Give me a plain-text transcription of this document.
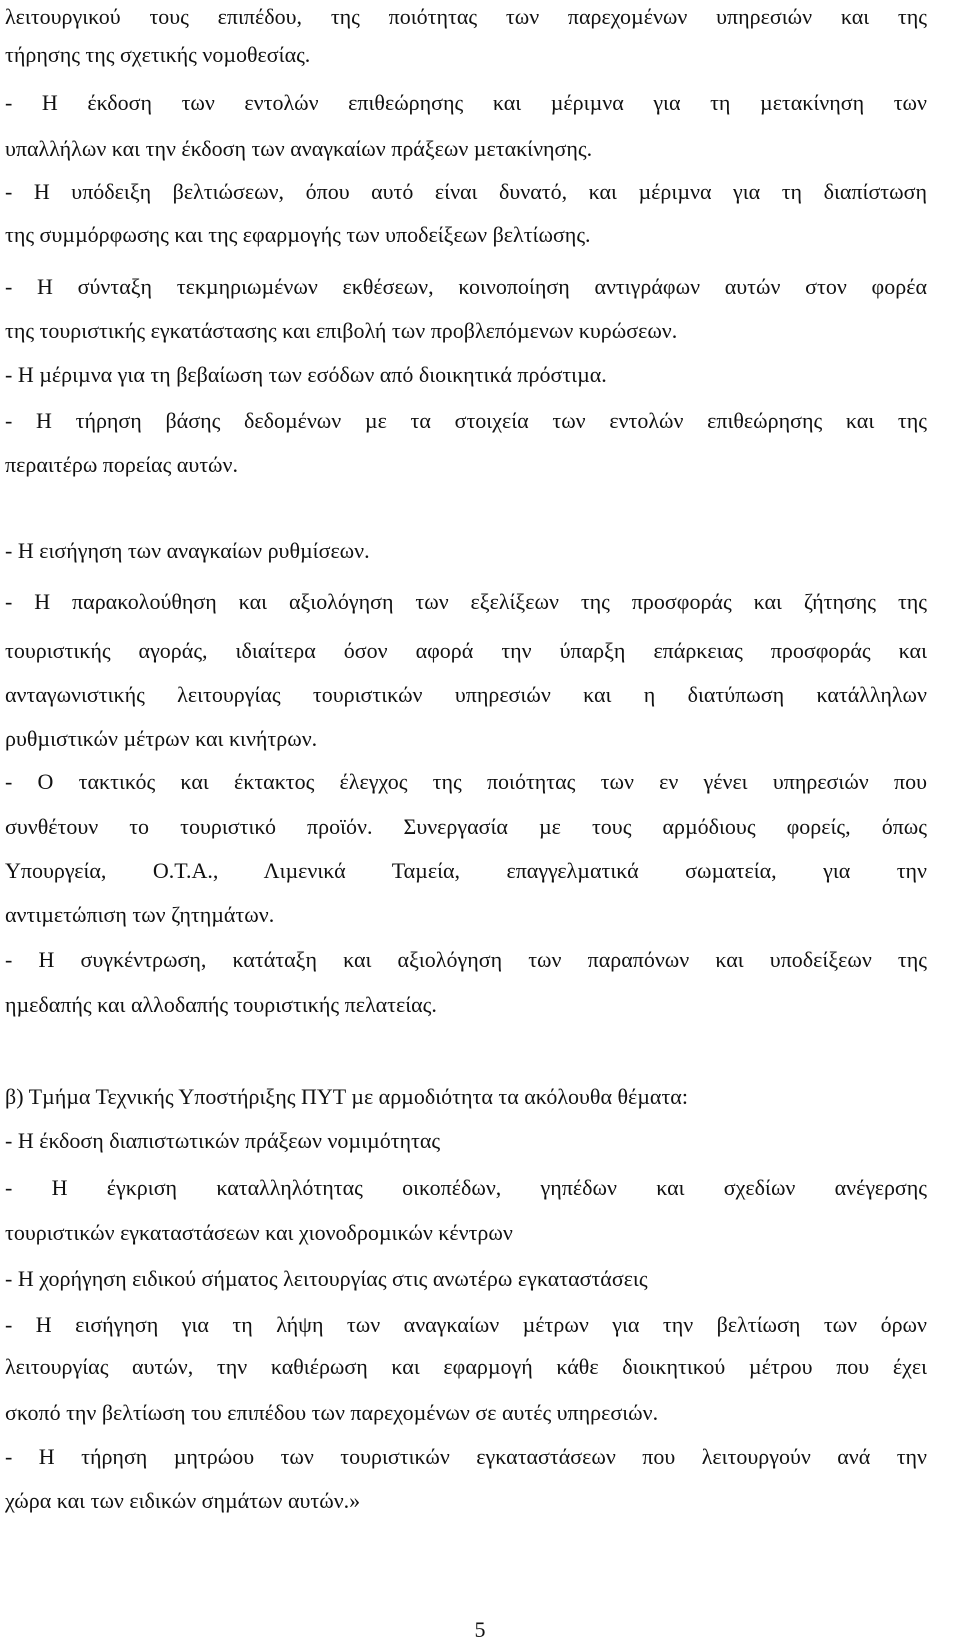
λειτουργικού τους επιπέδου, της ποιότητας των παρεχοµένων υπηρεσιών και της
τήρησης της σχετικής νοµοθεσίας.
- Η έκδοση των εντολών επιθεώρησης και µέριµνα για τη µετακίνηση των
υπαλλήλων και την έκδοση των αναγκαίων πράξεων µετακίνησης.
- Η υπόδειξη βελτιώσεων, όπου αυτό είναι δυνατό, και µέριµνα για τη διαπίστωση
της συµµόρφωσης και της εφαρµογής των υποδείξεων βελτίωσης.
- Η σύνταξη τεκµηριωµένων εκθέσεων, κοινοποίηση αντιγράφων αυτών στον φορέα
της τουριστικής εγκατάστασης και επιβολή των προβλεπόµενων κυρώσεων.
- Η µέριµνα για τη βεβαίωση των εσόδων από διοικητικά πρόστιµα.
- Η τήρηση βάσης δεδοµένων µε τα στοιχεία των εντολών επιθεώρησης και της
περαιτέρω πορείας αυτών.
- Η εισήγηση των αναγκαίων ρυθµίσεων.
- Η παρακολούθηση και αξιολόγηση των εξελίξεων της προσφοράς και ζήτησης της
τουριστικής αγοράς, ιδιαίτερα όσον αφορά την ύπαρξη επάρκειας προσφοράς και
ανταγωνιστικής λειτουργίας τουριστικών υπηρεσιών και η διατύπωση κατάλληλων
ρυθµιστικών µέτρων και κινήτρων.
- Ο τακτικός και έκτακτος έλεγχος της ποιότητας των εν γένει υπηρεσιών που
συνθέτουν το τουριστικό προϊόν. Συνεργασία µε τους αρµόδιους φορείς, όπως
Υπουργεία, Ο.Τ.Α., Λιµενικά Ταµεία, επαγγελµατικά σωµατεία, για την
αντιµετώπιση των ζητηµάτων.
- Η συγκέντρωση, κατάταξη και αξιολόγηση των παραπόνων και υποδείξεων της
ηµεδαπής και αλλοδαπής τουριστικής πελατείας.
β) Τµήµα Τεχνικής Υποστήριξης ΠΥΤ µε αρµοδιότητα τα ακόλουθα θέµατα:
- Η έκδοση διαπιστωτικών πράξεων νοµιµότητας
- Η έγκριση καταλληλότητας οικοπέδων, γηπέδων και σχεδίων ανέγερσης
τουριστικών εγκαταστάσεων και χιονοδροµικών κέντρων
- Η χορήγηση ειδικού σήµατος λειτουργίας στις ανωτέρω εγκαταστάσεις
- Η εισήγηση για τη λήψη των αναγκαίων µέτρων για την βελτίωση των όρων
λειτουργίας αυτών, την καθιέρωση και εφαρµογή κάθε διοικητικού µέτρου που έχει
σκοπό την βελτίωση του επιπέδου των παρεχοµένων σε αυτές υπηρεσιών.
- Η τήρηση µητρώου των τουριστικών εγκαταστάσεων που λειτουργούν ανά την
χώρα και των ειδικών σηµάτων αυτών.»
5
